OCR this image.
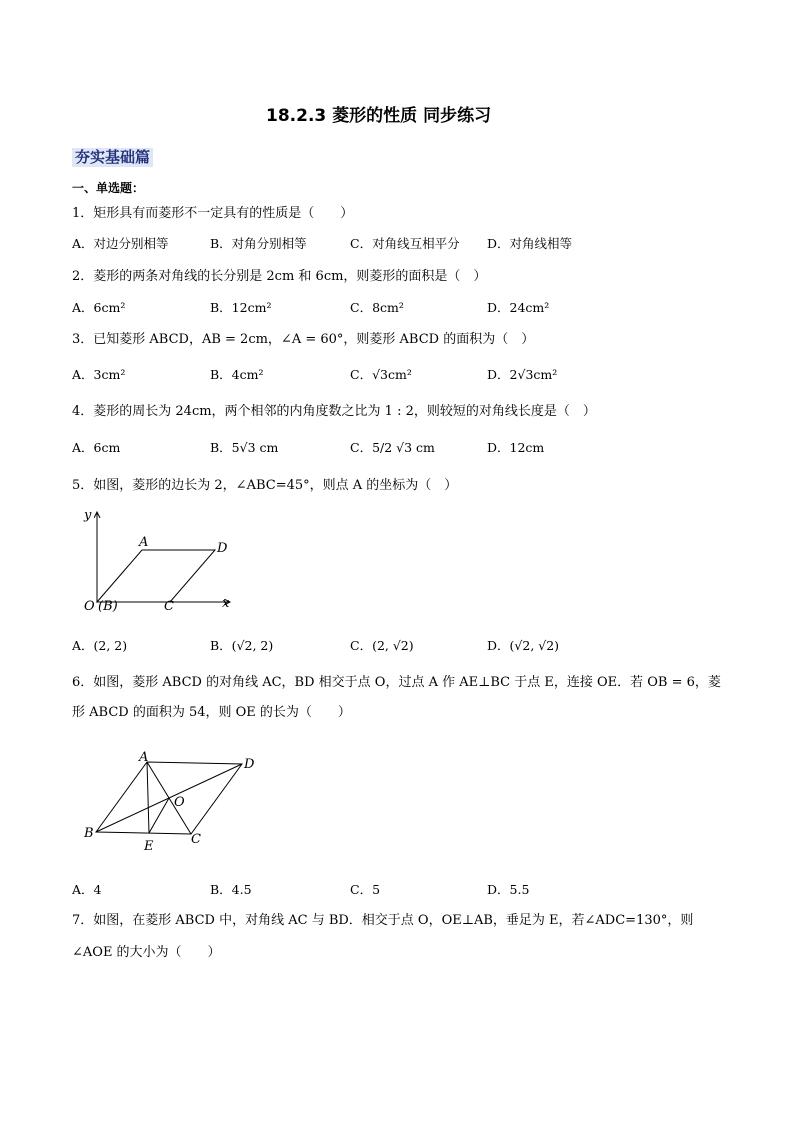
18.2.3 菱形的性质 同步练习
夯实基础篇
一、单选题：
1．矩形具有而菱形不一定具有的性质是（　　）
A．对边分别相等	B．对角分别相等	C．对角线互相平分 D．对角线相等
2．菱形的两条对角线的长分别是 2cm 和 6cm，则菱形的面积是（　）
A．6cm²	B．12cm²	C．8cm²	D．24cm²
3．已知菱形 ABCD，AB = 2cm，∠A = 60°，则菱形 ABCD 的面积为（　）
A．3cm²	B．4cm²	C．√3cm²	D．2√3cm²
4．菱形的周长为 24cm，两个相邻的内角度数之比为 1 : 2，则较短的对角线长度是（　）
A．6cm	B．5√3 cm	C．5/2 √3 cm	D．12cm
5．如图，菱形的边长为 2，∠ABC=45°，则点 A 的坐标为（　）
y
x
A	D
O (B)	C
A．(2, 2)	B．(√2, 2)	C．(2, √2)	D．(√2, √2)
6．如图，菱形 ABCD 的对角线 AC，BD 相交于点 O，过点 A 作 AE⊥BC 于点 E，连接 OE．若 OB = 6，菱
形 ABCD 的面积为 54，则 OE 的长为（　　）
A	D
O
B
E	C
A．4	B．4.5	C．5	D．5.5
7．如图，在菱形 ABCD 中，对角线 AC 与 BD．相交于点 O，OE⊥AB，垂足为 E，若∠ADC=130°，则
∠AOE 的大小为（　　）
